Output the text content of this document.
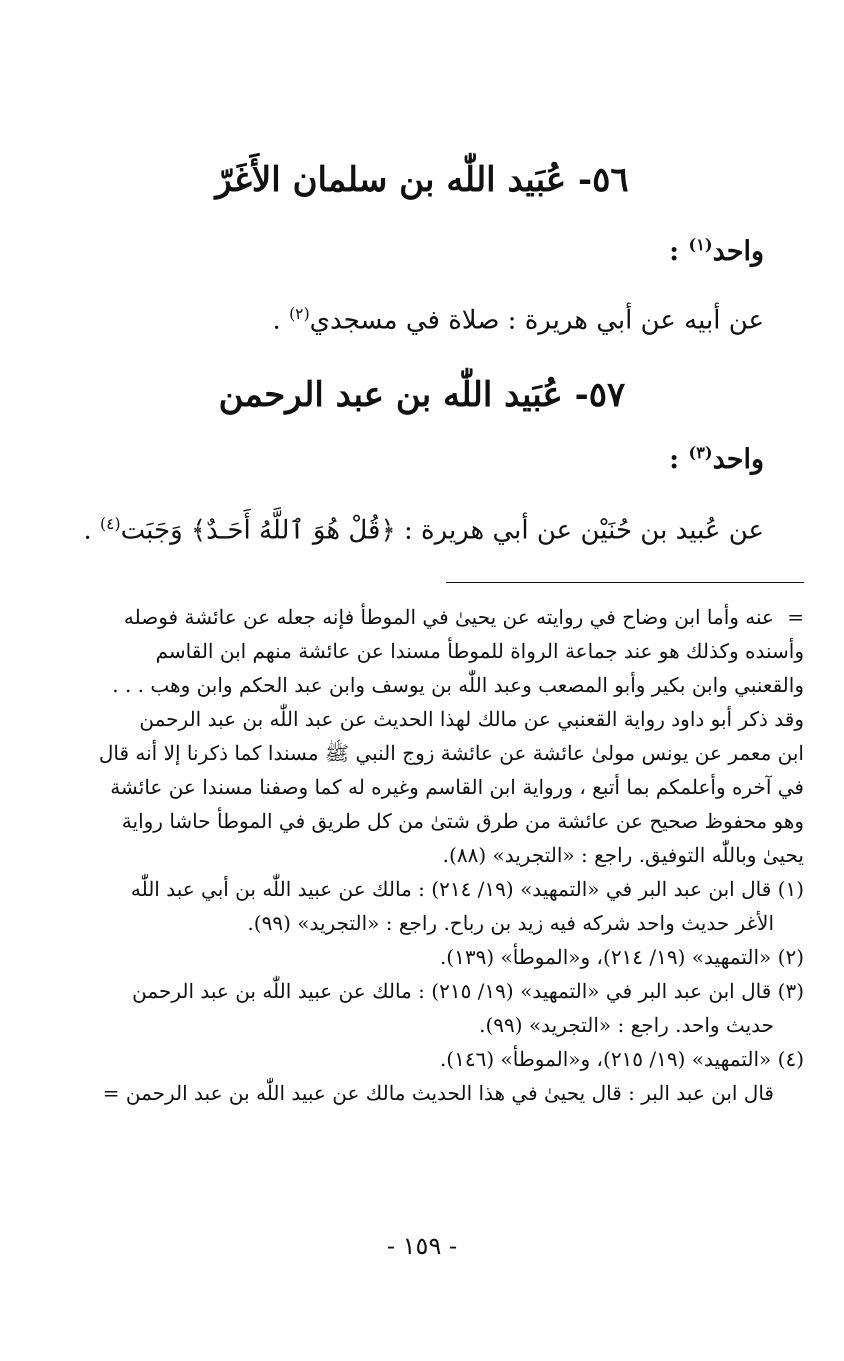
٥٦- عُبَيد اللّٰه بن سلمان الأَغَرّ

واحد$^{(١)}$ :

عن أبيه عن أبي هريرة : صلاة في مسجدي$^{(٢)}$ .

٥٧- عُبَيد اللّٰه بن عبد الرحمن

واحد$^{(٣)}$ :

عن عُبيد بن حُنَيْن عن أبي هريرة : ﴿قُلْ هُوَ ٱللَّهُ أَحَـدٌ﴾ وَجَبَت$^{(٤)}$ .

=
عنه وأما ابن وضاح في روايته عن يحيىٰ في الموطأ فإنه جعله عن عائشة فوصله

وأسنده وكذلك هو عند جماعة الرواة للموطأ مسندا عن عائشة منهم ابن القاسم

والقعنبي وابن بكير وأبو المصعب وعبد اللّٰه بن يوسف وابن عبد الحكم وابن وهب . . .

وقد ذكر أبو داود رواية القعنبي عن مالك لهذا الحديث عن عبد اللّٰه بن عبد الرحمن

ابن معمر عن يونس مولىٰ عائشة عن عائشة زوج النبي ﷺ مسندا كما ذكرنا إلا أنه قال

في آخره وأعلمكم بما أتبع ، ورواية ابن القاسم وغيره له كما وصفنا مسندا عن عائشة

وهو محفوظ صحيح عن عائشة من طرق شتىٰ من كل طريق في الموطأ حاشا رواية

يحيىٰ وباللّٰه التوفيق. راجع : «التجريد» (٨٨).

(١) قال ابن عبد البر في «التمهيد» (١٩/ ٢١٤) : مالك عن عبيد اللّٰه بن أبي عبد اللّٰه

الأغر حديث واحد شركه فيه زيد بن رباح. راجع : «التجريد» (٩٩).

(٢) «التمهيد» (١٩/ ٢١٤)، و«الموطأ» (١٣٩).

(٣) قال ابن عبد البر في «التمهيد» (١٩/ ٢١٥) : مالك عن عبيد اللّٰه بن عبد الرحمن

حديث واحد. راجع : «التجريد» (٩٩).

(٤) «التمهيد» (١٩/ ٢١٥)، و«الموطأ» (١٤٦).

قال ابن عبد البر : قال يحيىٰ في هذا الحديث مالك عن عبيد اللّٰه بن عبد الرحمن =

- ١٥٩ -
